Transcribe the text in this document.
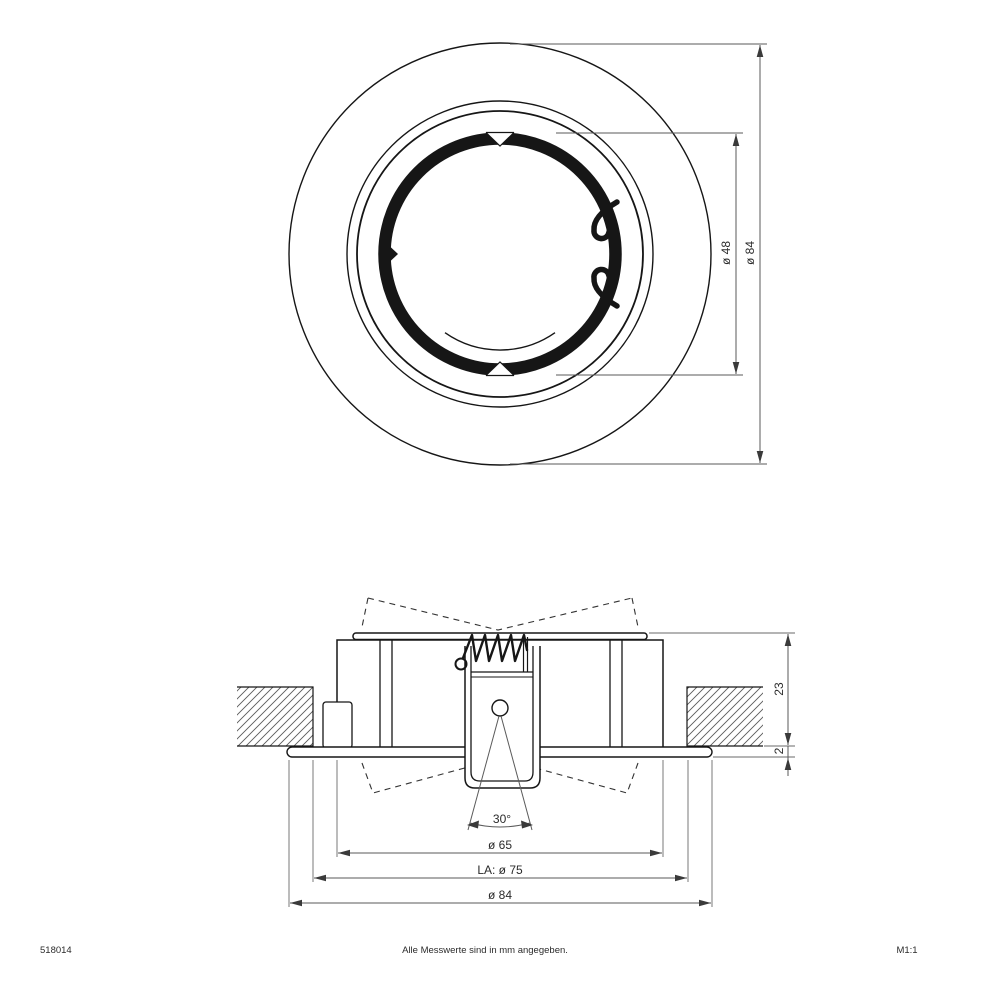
ø 48 ø 84
23
2
30°
ø 65
LA: ø 75
ø 84
518014	Alle Messwerte sind in mm angegeben.	M1:1
